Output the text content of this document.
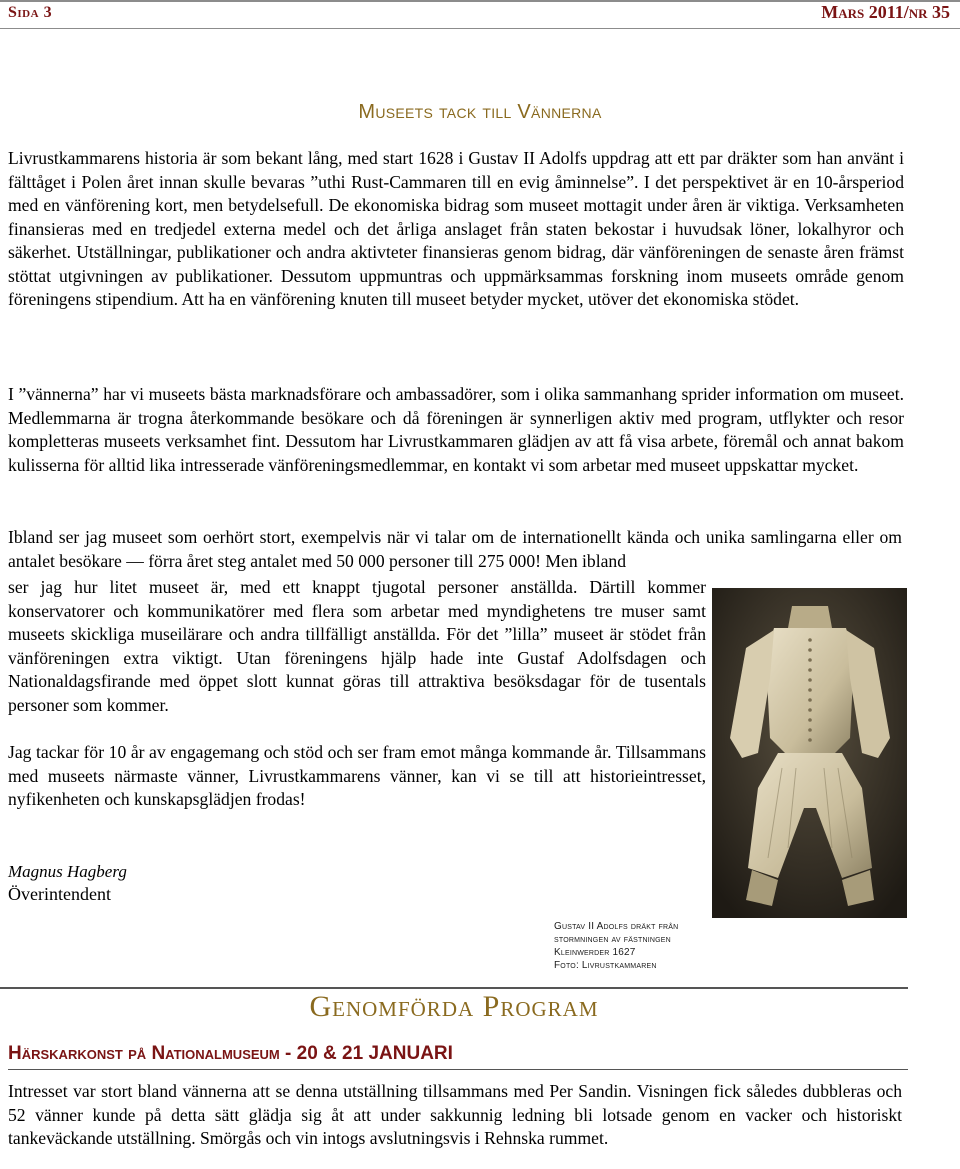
Sida 3	Mars 2011/nr 35
Museets tack till Vännerna

Livrustkammarens historia är som bekant lång, med start 1628 i Gustav II Adolfs uppdrag att ett par dräkter som han använt i fälttåget i Polen året innan skulle bevaras ”uthi Rust-Cammaren till en evig åminnelse”. I det perspektivet är en 10-årsperiod med en vänförening kort, men betydelsefull. De ekonomiska bidrag som museet mottagit under åren är viktiga. Verksamheten finansieras med en tredjedel externa medel och det årliga anslaget från staten bekostar i huvudsak löner, lokalhyror och säkerhet. Utställningar, publikationer och andra aktivteter finansieras genom bidrag, där vänföreningen de senaste åren främst stöttat utgivningen av publikationer. Dessutom uppmuntras och uppmärksammas forskning inom museets område genom föreningens stipendium. Att ha en vänförening knuten till museet betyder mycket, utöver det ekonomiska stödet.

I ”vännerna” har vi museets bästa marknadsförare och ambassadörer, som i olika sammanhang sprider information om museet. Medlemmarna är trogna återkommande besökare och då föreningen är synnerligen aktiv med program, utflykter och resor kompletteras museets verksamhet fint. Dessutom har Livrustkammaren glädjen av att få visa arbete, föremål och annat bakom kulisserna för alltid lika intresserade vänföreningsmedlemmar, en kontakt vi som arbetar med museet uppskattar mycket.

Ibland ser jag museet som oerhört stort, exempelvis när vi talar om de internationellt kända och unika samlingarna eller om antalet besökare — förra året steg antalet med 50 000 personer till 275 000! Men ibland

ser jag hur litet museet är, med ett knappt tjugotal personer anställda. Därtill kommer konservatorer och kommunikatörer med flera som arbetar med myndighetens tre muser samt museets skickliga museilärare och andra tillfälligt anställda. För det ”lilla” museet är stödet från vänföreningen extra viktigt. Utan föreningens hjälp hade inte Gustaf Adolfsdagen och Nationaldagsfirande med öppet slott kunnat göras till attraktiva besöksdagar för de tusentals personer som kommer.

Jag tackar för 10 år av engagemang och stöd och ser fram emot många kommande år. Tillsammans med museets närmaste vänner, Livrustkammarens vänner, kan vi se till att historieintresset, nyfikenheten och kunskapsglädjen frodas!

Magnus Hagberg
Överintendent
Gustav II Adolfs dräkt från
stormningen av fästningen
Kleinwerder 1627
Foto: Livrustkammaren
Genomförda Program
Härskarkonst på Nationalmuseum - 20 & 21 JANUARI

Intresset var stort bland vännerna att se denna utställning tillsammans med Per Sandin. Visningen fick således dubbleras och 52 vänner kunde på detta sätt glädja sig åt att under sakkunnig ledning bli lotsade genom en vacker och historiskt tankeväckande utställning. Smörgås och vin intogs avslutningsvis i Rehnska rummet.
